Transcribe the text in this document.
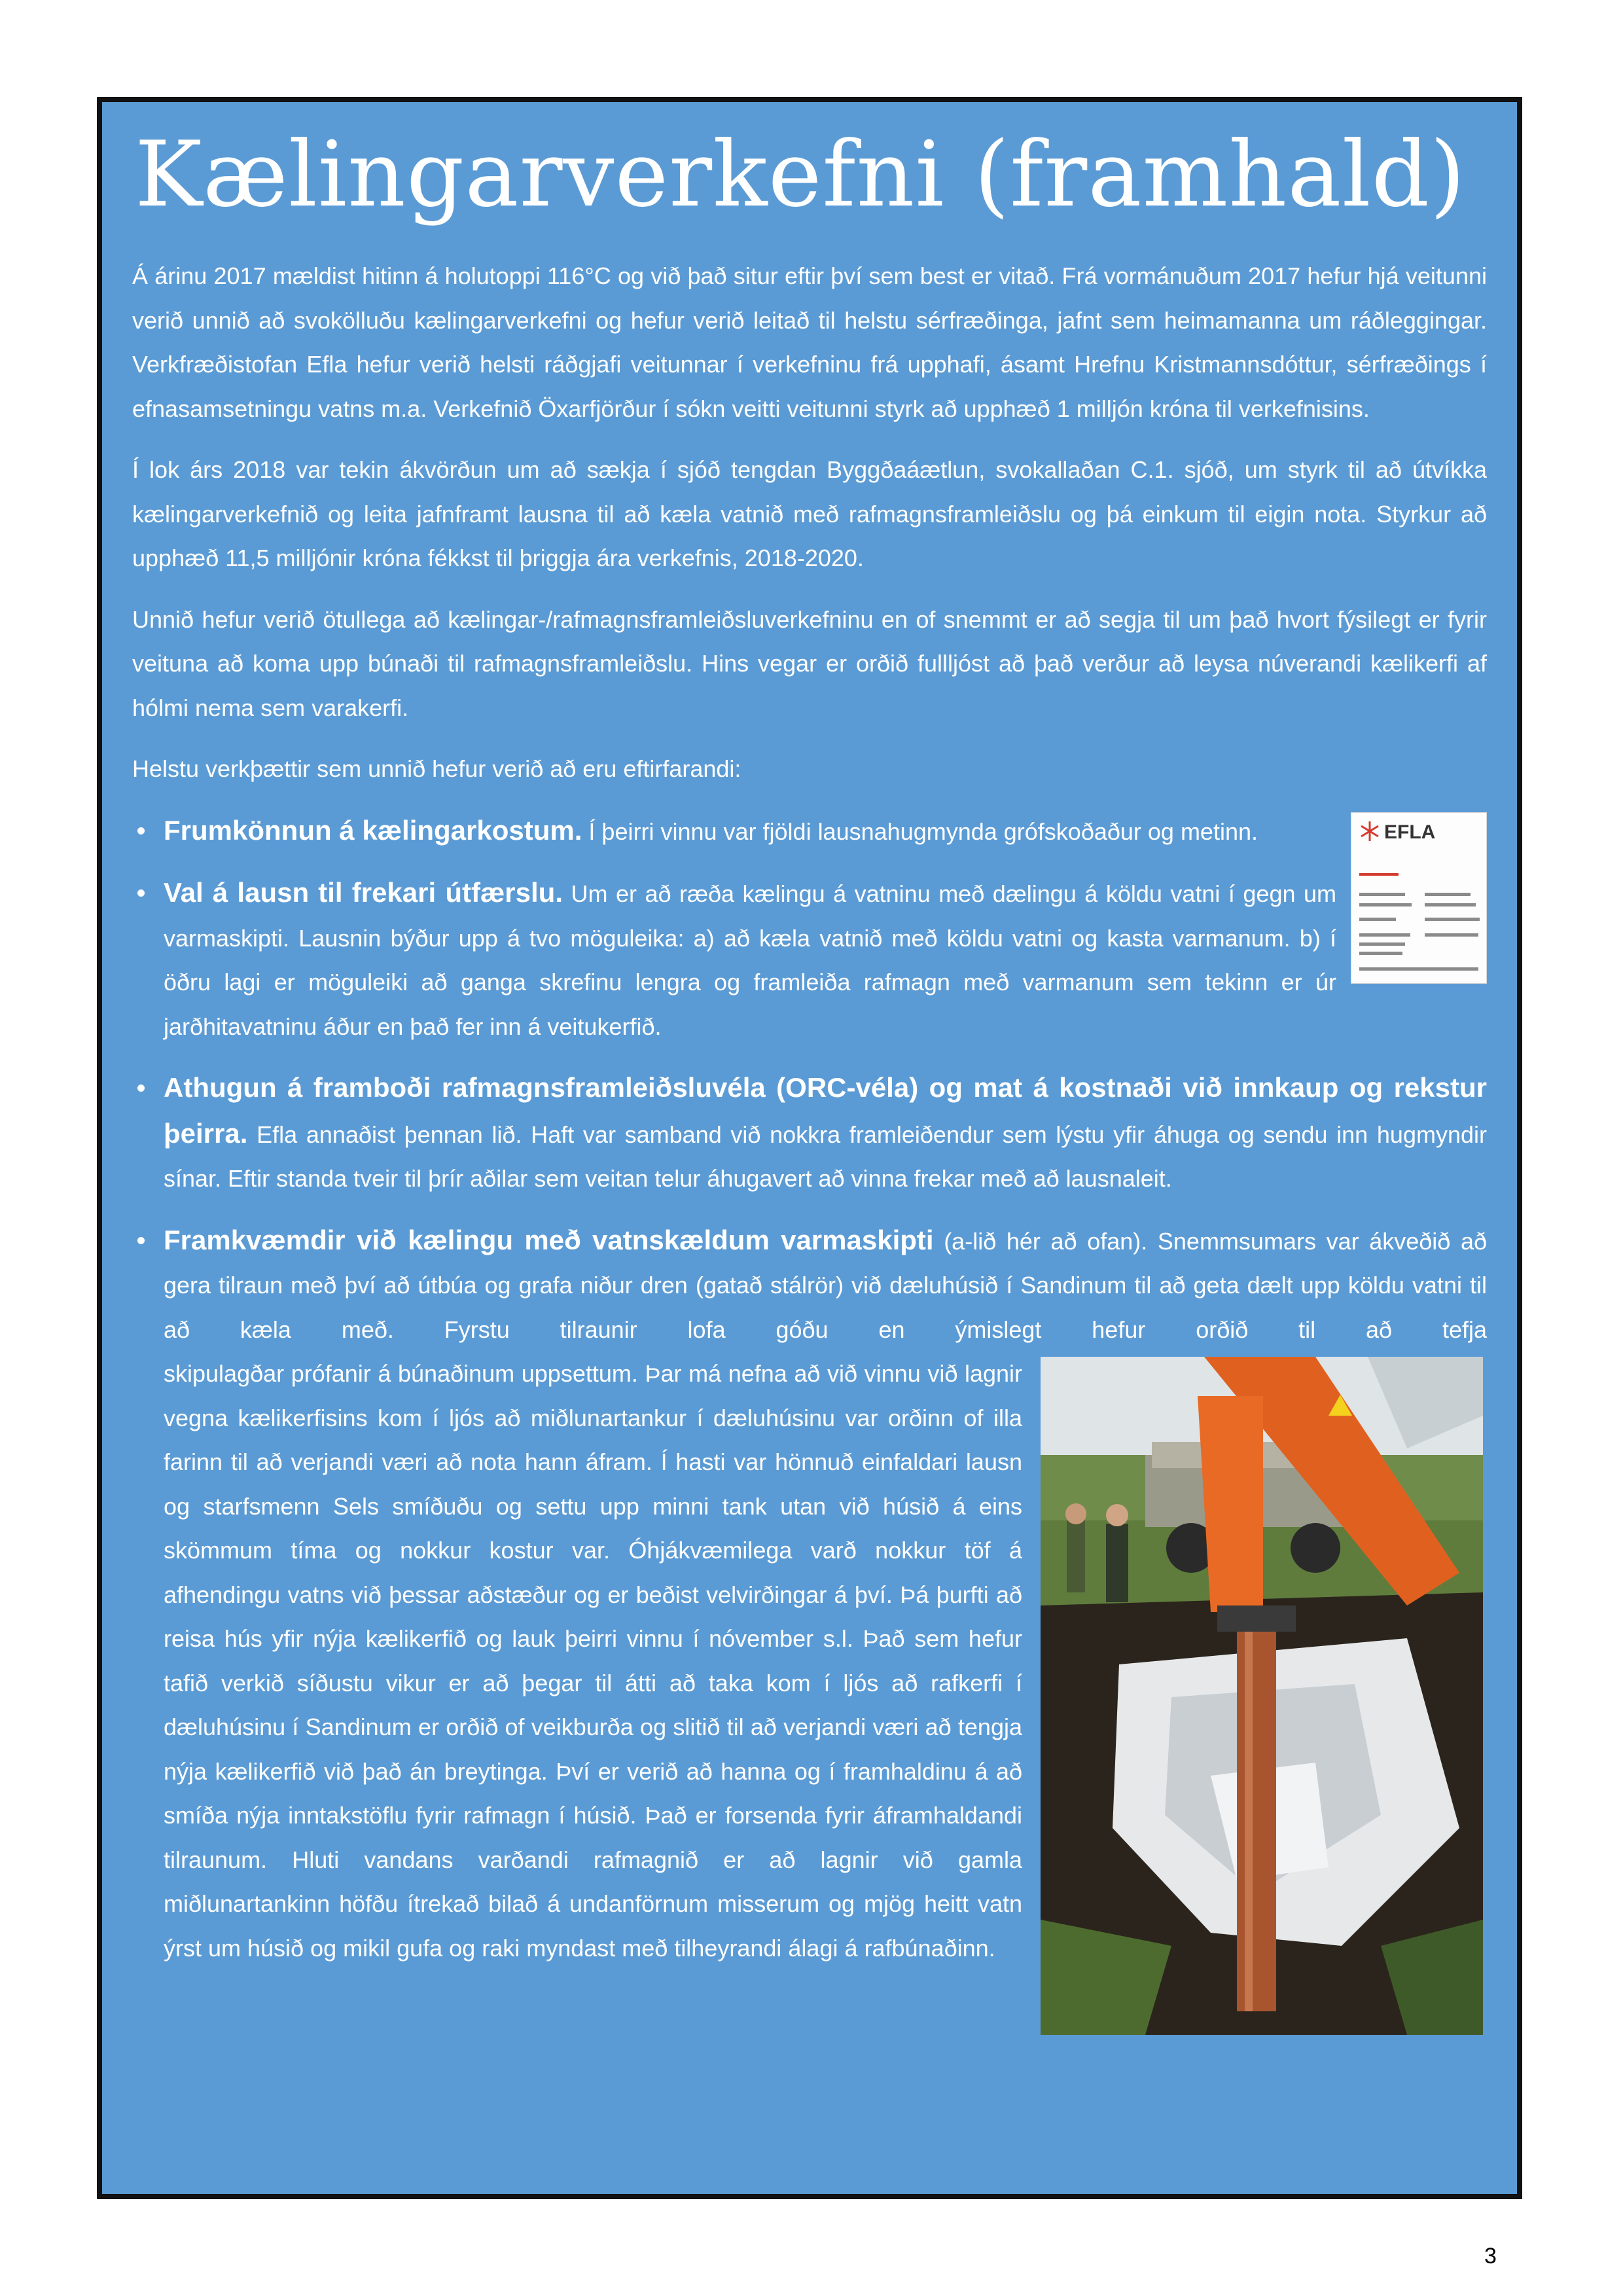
Kælingarverkefni (framhald)

Á árinu 2017 mældist hitinn á holutoppi 116°C og við það situr eftir því sem best er vitað. Frá vormánuðum 2017 hefur hjá veitunni verið unnið að svokölluðu kælingarverkefni og hefur verið leitað til helstu sérfræðinga, jafnt sem heimamanna um ráðleggingar. Verkfræðistofan Efla hefur verið helsti ráðgjafi veitunnar í verkefninu frá upphafi, ásamt Hrefnu Kristmannsdóttur, sérfræðings í efnasamsetningu vatns m.a. Verkefnið Öxarfjörður í sókn veitti veitunni styrk að upphæð 1 milljón króna til verkefnisins.

Í lok árs 2018 var tekin ákvörðun um að sækja í sjóð tengdan Byggðaáætlun, svokallaðan C.1. sjóð, um styrk til að útvíkka kælingarverkefnið og leita jafnframt lausna til að kæla vatnið með rafmagnsframleiðslu og þá einkum til eigin nota. Styrkur að upphæð 11,5 milljónir króna fékkst til þriggja ára verkefnis, 2018-2020.

Unnið hefur verið ötullega að kælingar-/rafmagnsframleiðsluverkefninu en of snemmt er að segja til um það hvort fýsilegt er fyrir veituna að koma upp búnaði til rafmagnsframleiðslu. Hins vegar er orðið fullljóst að það verður að leysa núverandi kælikerfi af hólmi nema sem varakerfi.

Helstu verkþættir sem unnið hefur verið að eru eftirfarandi:

EFLA
Frumkönnun á kælingarkostum. Í þeirri vinnu var fjöldi lausnahugmynda grófskoðaður og metinn.
Val á lausn til frekari útfærslu. Um er að ræða kælingu á vatninu með dælingu á köldu vatni í gegn um varmaskipti. Lausnin býður upp á tvo möguleika: a) að kæla vatnið með köldu vatni og kasta varmanum. b) í öðru lagi er möguleiki að ganga skrefinu lengra og framleiða rafmagn með varmanum sem tekinn er úr jarðhitavatninu áður en það fer inn á veitukerfið.
Athugun á framboði rafmagnsframleiðsluvéla (ORC-véla) og mat á kostnaði við innkaup og rekstur þeirra. Efla annaðist þennan lið. Haft var samband við nokkra framleiðendur sem lýstu yfir áhuga og sendu inn hugmyndir sínar. Eftir standa tveir til þrír aðilar sem veitan telur áhugavert að vinna frekar með að lausnaleit.
Framkvæmdir við kælingu með vatnskældum varmaskipti (a-lið hér að ofan). Snemmsumars var ákveðið að gera tilraun með því að útbúa og grafa niður dren (gatað stálrör) við dæluhúsið í Sandinum til að geta dælt upp köldu vatni til að kæla með. Fyrstu tilraunir lofa góðu en ýmislegt hefur orðið til að tefja skipu
lagðar prófanir á búnaðinum uppsettum. Þar má nefna að við vinnu við lagnir vegna kælikerfisins kom í ljós að miðlunartankur í dæluhúsinu var orðinn of illa farinn til að verjandi væri að nota hann áfram. Í hasti var hönnuð einfaldari lausn og starfsmenn Sels smíðuðu og settu upp minni tank utan við húsið á eins skömmum tíma og nokkur kostur var. Óhjákvæmilega varð nokkur töf á afhendingu vatns við þessar aðstæður og er beðist velvirðingar á því. Þá þurfti að reisa hús yfir nýja kælikerfið og lauk þeirri vinnu í nóvember s.l. Það sem hefur tafið verkið síðustu vikur er að þegar til átti að taka kom í ljós að rafkerfi í dæluhúsinu í Sandinum er orðið of veikburða og slitið til að verjandi væri að tengja nýja kælikerfið við það án breytinga. Því er verið að hanna og í framhaldinu á að smíða nýja inntakstöflu fyrir rafmagn í húsið. Það er forsenda fyrir áframhaldandi tilraunum. Hluti vandans varðandi rafmagnið er að lagnir við gamla miðlunartankinn höfðu ítrekað bilað á undanförnum misserum og mjög heitt vatn ýrst um húsið og mikil gufa og raki myndast með tilheyrandi álagi á rafbúnaðinn.
3
